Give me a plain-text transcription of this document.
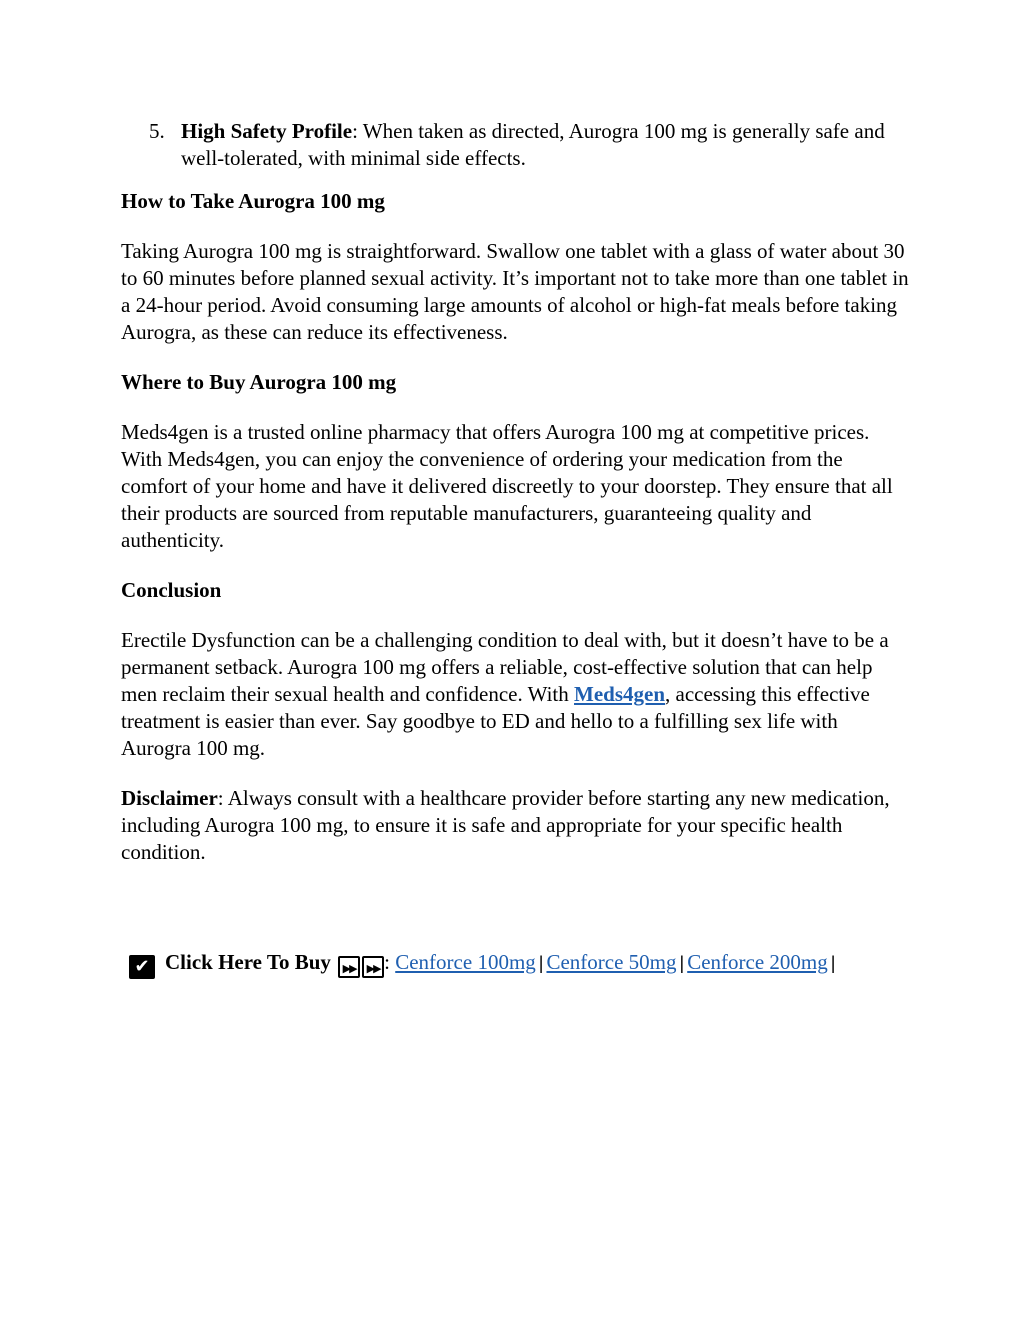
5. High Safety Profile: When taken as directed, Aurogra 100 mg is generally safe and well-tolerated, with minimal side effects.
How to Take Aurogra 100 mg

Taking Aurogra 100 mg is straightforward. Swallow one tablet with a glass of water about 30 to 60 minutes before planned sexual activity. It’s important not to take more than one tablet in a 24-hour period. Avoid consuming large amounts of alcohol or high-fat meals before taking Aurogra, as these can reduce its effectiveness.

Where to Buy Aurogra 100 mg

Meds4gen is a trusted online pharmacy that offers Aurogra 100 mg at competitive prices. With Meds4gen, you can enjoy the convenience of ordering your medication from the comfort of your home and have it delivered discreetly to your doorstep. They ensure that all their products are sourced from reputable manufacturers, guaranteeing quality and authenticity.

Conclusion

Erectile Dysfunction can be a challenging condition to deal with, but it doesn’t have to be a permanent setback. Aurogra 100 mg offers a reliable, cost-effective solution that can help men reclaim their sexual health and confidence. With Meds4gen, accessing this effective treatment is easier than ever. Say goodbye to ED and hello to a fulfilling sex life with Aurogra 100 mg.

Disclaimer: Always consult with a healthcare provider before starting any new medication, including Aurogra 100 mg, to ensure it is safe and appropriate for your specific health condition.

✔ Click Here To Buy ▶▶ ▶▶ : Cenforce 100mg | Cenforce 50mg | Cenforce 200mg |
